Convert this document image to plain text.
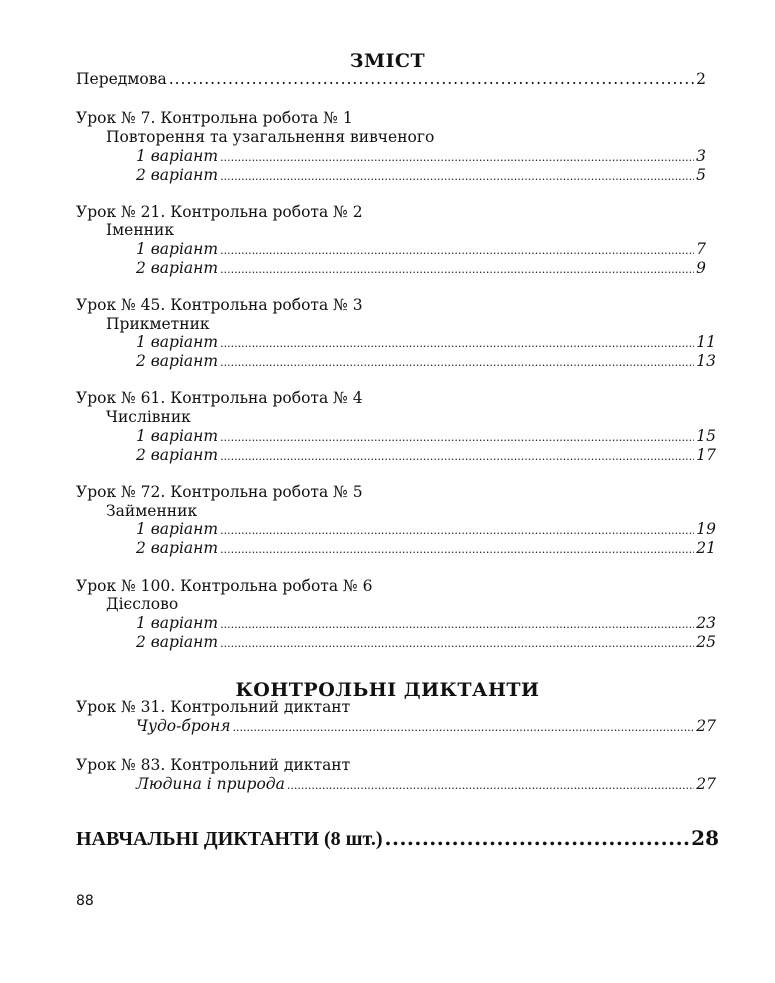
ЗМІСТ
Передмова .....	2
Урок № 7. Контрольна робота № 1
Повторення та узагальнення вивченого
1 варіант .....	3
2 варіант .....	5
Урок № 21. Контрольна робота № 2
Іменник
1 варіант .....	7
2 варіант .....	9
Урок № 45. Контрольна робота № 3
Прикметник
1 варіант .....	11
2 варіант .....	13
Урок № 61. Контрольна робота № 4
Числівник
1 варіант .....	15
2 варіант .....	17
Урок № 72. Контрольна робота № 5
Займенник
1 варіант .....	19
2 варіант .....	21
Урок № 100. Контрольна робота № 6
Дієслово
1 варіант .....	23
2 варіант .....	25
КОНТРОЛЬНІ ДИКТАНТИ
Урок № 31. Контрольний диктант
Чудо-броня .....	27
Урок № 83. Контрольний диктант
Людина і природа .....	27
НАВЧАЛЬНІ ДИКТАНТИ (8 шт.) .....	28
88
